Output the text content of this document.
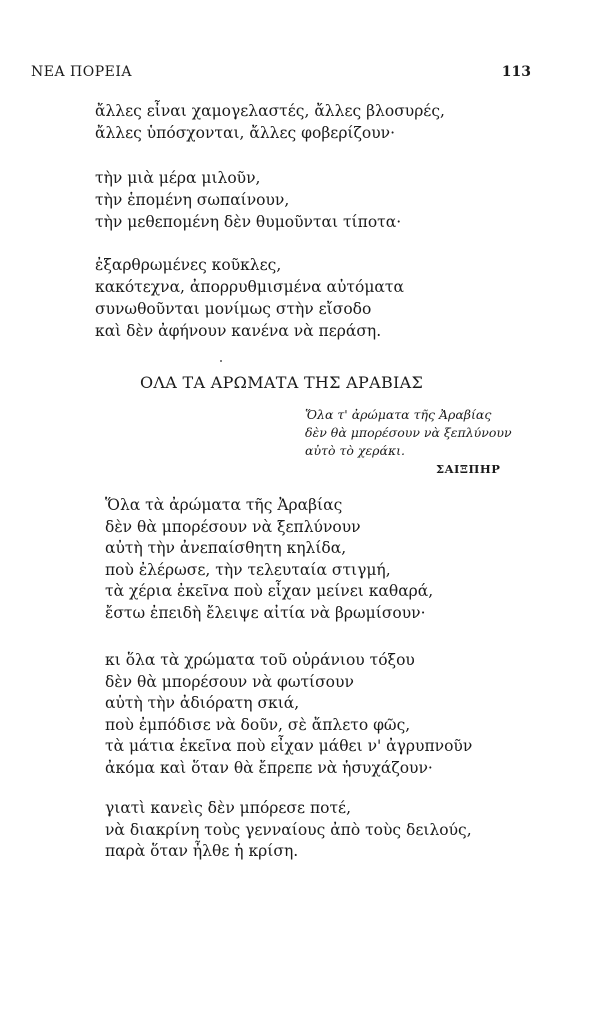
ΝΕΑ ΠΟΡΕΙΑ	113
ἄλλες εἶναι χαμογελαστές, ἄλλες βλοσυρές,
ἄλλες ὑπόσχονται, ἄλλες φοβερίζουν·
τὴν μιὰ μέρα μιλοῦν,
τὴν ἑπομένη σωπαίνουν,
τὴν μεθεπομένη δὲν θυμοῦνται τίποτα·
ἐξαρθρωμένες κοῦκλες,
κακότεχνα, ἀπορρυθμισμένα αὐτόματα
συνωθοῦνται μονίμως στὴν εἴσοδο
καὶ δὲν ἀφήνουν κανένα νὰ περάση.
ΟΛΑ ΤΑ ΑΡΩΜΑΤΑ ΤΗΣ ΑΡΑΒΙΑΣ
Ὅλα τ' ἀρώματα τῆς Ἀραβίας
δὲν θὰ μπορέσουν νὰ ξεπλύνουν
αὐτὸ τὸ χεράκι.
ΣΑΙΞΠΗΡ
Ὅλα τὰ ἀρώματα τῆς Ἀραβίας
δὲν θὰ μπορέσουν νὰ ξεπλύνουν
αὐτὴ τὴν ἀνεπαίσθητη κηλίδα,
ποὺ ἐλέρωσε, τὴν τελευταία στιγμή,
τὰ χέρια ἐκεῖνα ποὺ εἶχαν μείνει καθαρά,
ἔστω ἐπειδὴ ἔλειψε αἰτία νὰ βρωμίσουν·
κι ὅλα τὰ χρώματα τοῦ οὐράνιου τόξου
δὲν θὰ μπορέσουν νὰ φωτίσουν
αὐτὴ τὴν ἀδιόρατη σκιά,
ποὺ ἐμπόδισε νὰ δοῦν, σὲ ἄπλετο φῶς,
τὰ μάτια ἐκεῖνα ποὺ εἶχαν μάθει ν' ἀγρυπνοῦν
ἀκόμα καὶ ὅταν θὰ ἔπρεπε νὰ ἡσυχάζουν·
γιατὶ κανεὶς δὲν μπόρεσε ποτέ,
νὰ διακρίνη τοὺς γενναίους ἀπὸ τοὺς δειλούς,
παρὰ ὅταν ἦλθε ἡ κρίση.
